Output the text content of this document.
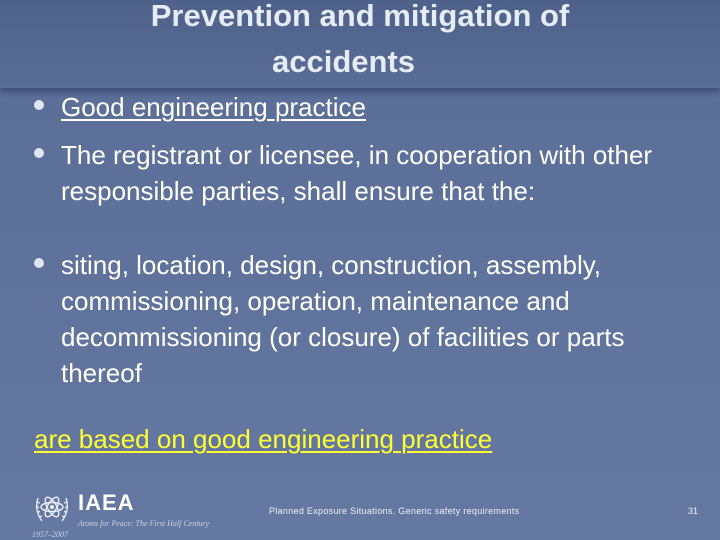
Prevention and mitigation of
accidents
Good engineering practice
The registrant or licensee, in cooperation with other responsible parties, shall ensure that the:
siting, location, design, construction, assembly, commissioning, operation, maintenance and decommissioning (or closure) of facilities or parts thereof
are based on good engineering practice
IAEA
Atoms for Peace: The First Half Century
1957–2007
Planned Exposure Situations. Generic safety requirements	31
